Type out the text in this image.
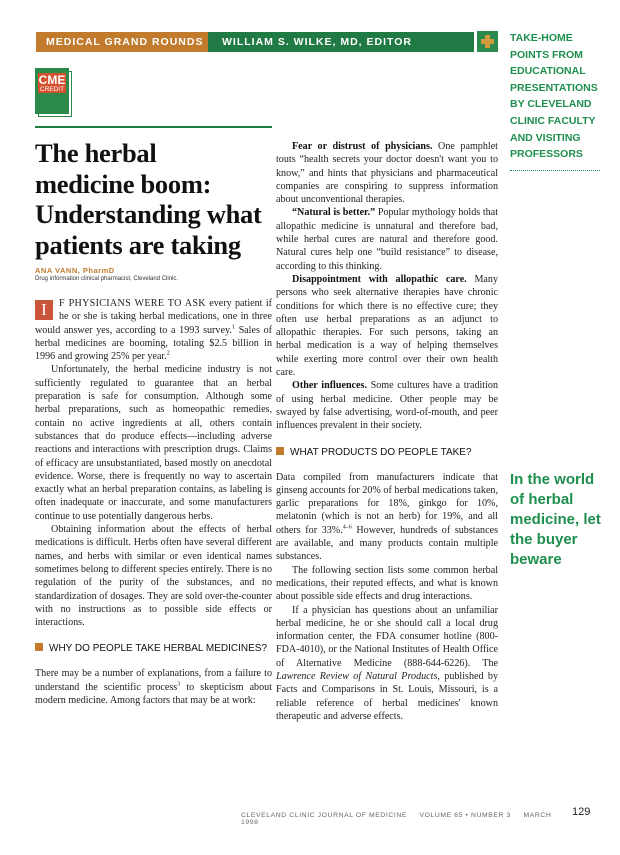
MEDICAL GRAND ROUNDS	WILLIAM S. WILKE, MD, EDITOR	TAKE-HOME
POINTS FROM
EDUCATIONAL
PRESENTATIONS
BY CLEVELAND
CLINIC FACULTY
AND VISITING
PROFESSORS
In the world
of herbal
medicine, let
the buyer
beware
CME
CREDIT
The herbal
medicine boom:
Understanding what
patients are taking
ANA VANN, PharmD
Drug information clinical pharmacist, Cleveland Clinic.

I	F PHYSICIANS WERE TO ASK every patient if he or she is taking herbal medications, one in three would answer yes, according to a 1993 survey.$^1$ Sales of herbal medicines are booming, totaling $2.5 billion in 1996 and growing 25% per year.$^2$

Unfortunately, the herbal medicine industry is not sufficiently regulated to guarantee that an herbal preparation is safe for consumption. Although some herbal preparations, such as homeopathic remedies, contain no active ingredients at all, others contain substances that do produce effects—including adverse reactions and interactions with prescription drugs. Claims of efficacy are unsubstantiated, based mostly on anecdotal evidence. Worse, there is frequently no way to ascertain exactly what an herbal preparation contains, as labeling is often inadequate or inaccurate, and some manufacturers continue to use potentially dangerous herbs.

Obtaining information about the effects of herbal medications is difficult. Herbs often have several different names, and herbs with similar or even identical names sometimes belong to different species entirely. There is no regulation of the purity of the substances, and no standardization of dosages. They are sold over-the-counter with no instructions as to possible side effects or interactions.

WHY DO PEOPLE TAKE HERBAL MEDICINES?

There may be a number of explanations, from a failure to understand the scientific process$^3$ to skepticism about modern medicine. Among factors that may be at work:

Fear or distrust of physicians. One pamphlet touts “health secrets your doctor doesn't want you to know,” and hints that physicians and pharmaceutical companies are conspiring to suppress information about unconventional therapies.

“Natural is better.” Popular mythology holds that allopathic medicine is unnatural and therefore bad, while herbal cures are natural and therefore good. Natural cures help one “build resistance” to disease, according to this thinking.

Disappointment with allopathic care. Many persons who seek alternative therapies have chronic conditions for which there is no effective cure; they often use herbal preparations as an adjunct to allopathic therapies. For such persons, taking an herbal medication is a way of helping themselves while exerting more control over their own health care.

Other influences. Some cultures have a tradition of using herbal medicine. Other people may be swayed by false advertising, word-of-mouth, and peer influences prevalent in their society.

WHAT PRODUCTS DO PEOPLE TAKE?

Data compiled from manufacturers indicate that ginseng accounts for 20% of herbal medications taken, garlic preparations for 18%, ginkgo for 10%, melatonin (which is not an herb) for 19%, and all others for 33%.$^{4-6}$ However, hundreds of substances are available, and many products contain multiple substances.

The following section lists some common herbal medications, their reputed effects, and what is known about possible side effects and drug interactions.

If a physician has questions about an unfamiliar herbal medicine, he or she should call a local drug information center, the FDA consumer hotline (800-FDA-4010), or the National Institutes of Health Office of Alternative Medicine (888-644-6226). The Lawrence Review of Natural Products, published by Facts and Comparisons in St. Louis, Missouri, is a reliable reference of herbal medicines' known therapeutic and adverse effects.

CLEVELAND CLINIC JOURNAL OF MEDICINE VOLUME 65 • NUMBER 3 MARCH 1998
129
